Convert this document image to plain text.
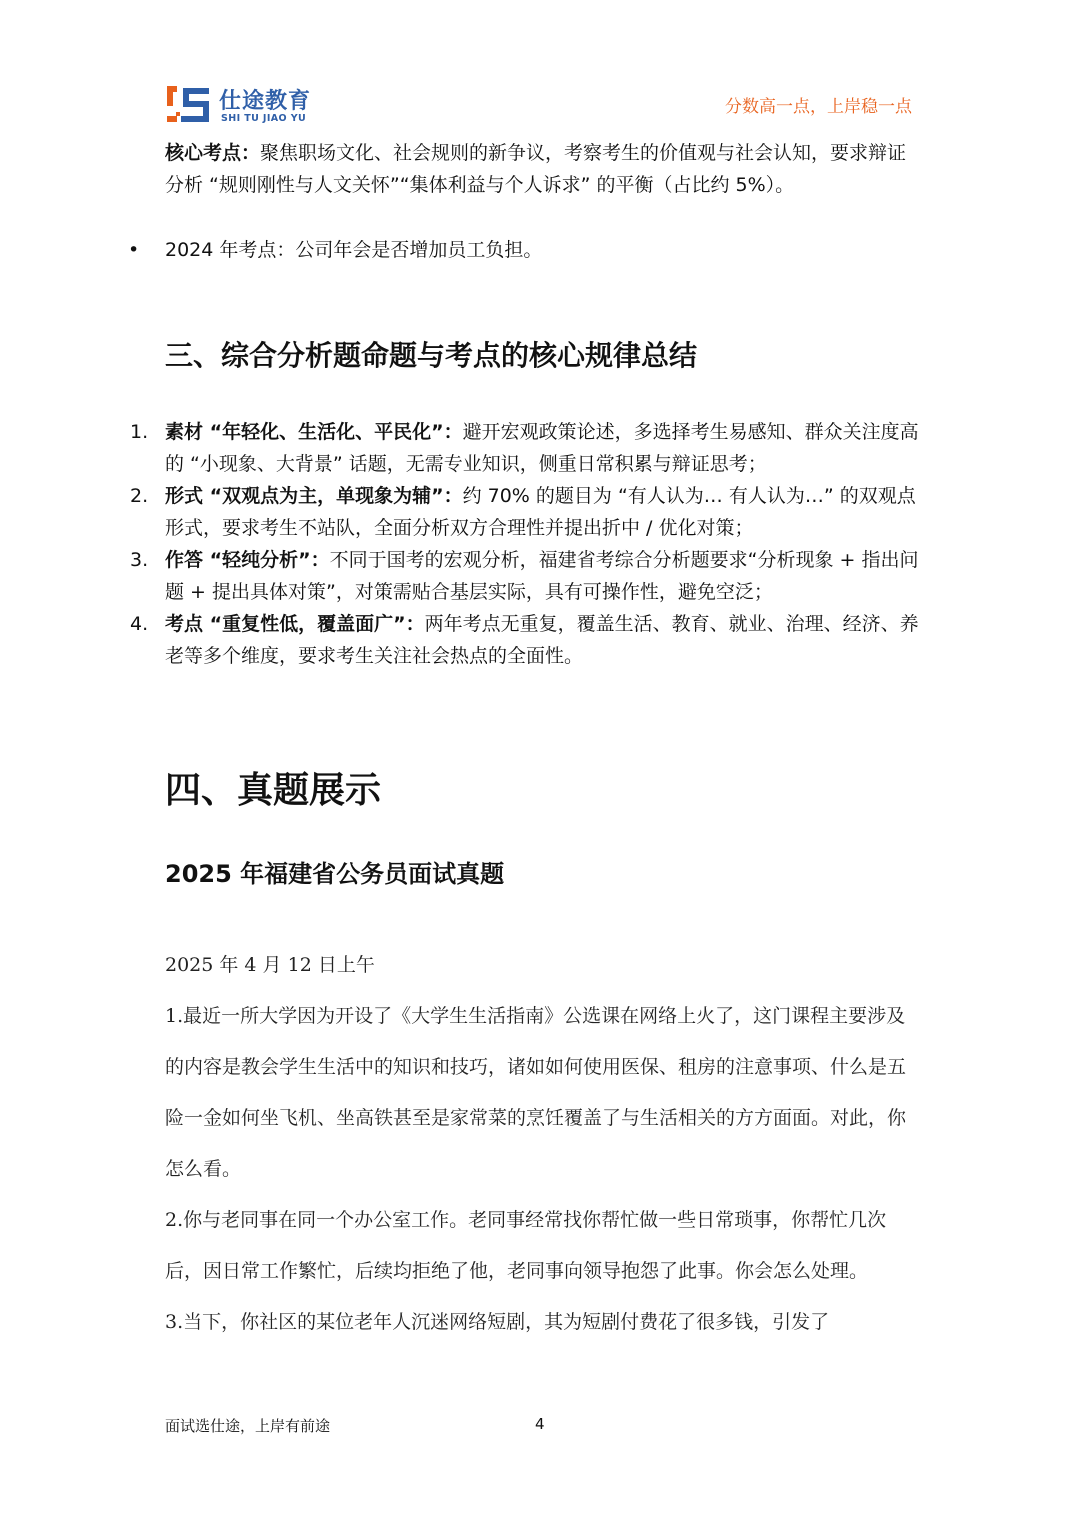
仕途教育
SHI TU JIAO YU
分数高一点，上岸稳一点
核心考点：聚焦职场文化、社会规则的新争议，考察考生的价值观与社会认知，要求辩证分析 “规则刚性与人文关怀”“集体利益与个人诉求” 的平衡（占比约 5%）。
•	2024 年考点：公司年会是否增加员工负担。
三、综合分析题命题与考点的核心规律总结
1. 素材 “年轻化、生活化、平民化”：避开宏观政策论述，多选择考生易感知、群众关注度高的 “小现象、大背景” 话题，无需专业知识，侧重日常积累与辩证思考；
2. 形式 “双观点为主，单现象为辅”：约 70% 的题目为 “有人认为… 有人认为…” 的双观点形式，要求考生不站队，全面分析双方合理性并提出折中 / 优化对策；
3. 作答 “轻纯分析”：不同于国考的宏观分析，福建省考综合分析题要求“分析现象 + 指出问题 + 提出具体对策”，对策需贴合基层实际，具有可操作性，避免空泛；
4. 考点 “重复性低，覆盖面广”：两年考点无重复，覆盖生活、教育、就业、治理、经济、养老等多个维度，要求考生关注社会热点的全面性。
四、真题展示
2025 年福建省公务员面试真题

2025 年 4 月 12 日上午

1.最近一所大学因为开设了《大学生生活指南》公选课在网络上火了，这门课程主要涉及的内容是教会学生生活中的知识和技巧，诸如如何使用医保、租房的注意事项、什么是五险一金如何坐飞机、坐高铁甚至是家常菜的烹饪覆盖了与生活相关的方方面面。对此，你怎么看。

2.你与老同事在同一个办公室工作。老同事经常找你帮忙做一些日常琐事，你帮忙几次后，因日常工作繁忙，后续均拒绝了他，老同事向领导抱怨了此事。你会怎么处理。

3.当下，你社区的某位老年人沉迷网络短剧，其为短剧付费花了很多钱，引发了

面试选仕途，上岸有前途	4
